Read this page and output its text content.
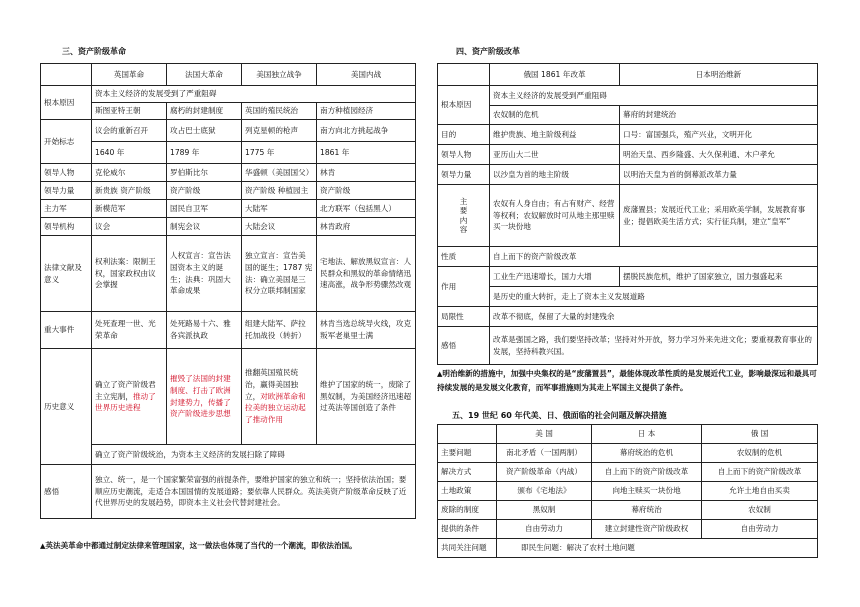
三、资产阶级革命
	英国革命	法国大革命	美国独立战争	美国内战
根本原因	资本主义经济的发展受到了严重阻碍			
	斯图亚特王朝	腐朽的封建制度	英国的殖民统治	南方种植园经济
开始标志	议会的重新召开	攻占巴士底狱	列克星顿的枪声	南方向北方挑起战争
	1640 年	1789 年	1775 年	1861 年
领导人物	克伦威尔	罗伯斯比尔	华盛顿（美国国父）	林肯
领导力量	新贵族 资产阶级	资产阶级	资产阶级 种植园主	资产阶级
主力军	新模范军	国民自卫军	大陆军	北方联军（包括黑人）
领导机构	议会	制宪会议	大陆会议	林肯政府
法律文献及意义	权利法案：限制王权，国家政权由议会掌握	人权宣言：宣告法国资本主义的诞生；法典：巩固大革命成果	独立宣言：宣告美国的诞生；1787 宪法：确立美国是三权分立联邦制国家	宅地法、解放黑奴宣言：人民群众和黑奴的革命情绪迅速高涨，战争形势骤然改观
重大事件	处死查理一世、光荣革命	处死路易十六、雅各宾派执政	组建大陆军、萨拉托加战役（转折）	林肯当选总统导火线，攻克叛军老巢里士满
历史意义	确立了资产阶级君主立宪制，推动了世界历史进程	摧毁了法国的封建制度、打击了欧洲封建势力，传播了资产阶级进步思想	推翻英国殖民统治，赢得美国独立，对欧洲革命和拉美的独立运动起了推动作用	维护了国家的统一，废除了黑奴制，为美国经济迅速超过英法等国创造了条件
	确立了资产阶级统治，为资本主义经济的发展扫除了障碍			
感悟	独立、统一，是一个国家繁荣富强的前提条件，要维护国家的独立和统一；坚持依法治国；要顺应历史潮流，走适合本国国情的发展道路；要依靠人民群众。英法美资产阶级革命反映了近代世界历史的发展趋势，即资本主义社会代替封建社会。			
▲英法美革命中都通过制定法律来管理国家，这一做法也体现了当代的一个潮流，即依法治国。
四、资产阶级改革
	俄国 1861 年改革	日本明治维新
根本原因	资本主义经济的发展受到严重阻碍	
	农奴制的危机	幕府的封建统治
目的	维护贵族、地主阶级利益	口号：富国强兵，殖产兴业，文明开化
领导人物	亚历山大二世	明治天皇、西乡隆盛、大久保利通、木户孝允
领导力量	以沙皇为首的地主阶级	以明治天皇为首的倒幕派改革力量

主要内容	农奴有人身自由；有占有财产、经营等权利；农奴解放时可从地主那里赎买一块份地	废藩置县；发展近代工业；采用欧美学制，发展教育事业；提倡欧美生活方式；实行征兵制，建立“皇军”
性质	自上而下的资产阶级改革	
作用	工业生产迅速增长，国力大增	摆脱民族危机，维护了国家独立，国力强盛起来
	是历史的重大转折，走上了资本主义发展道路	
局限性	改革不彻底，保留了大量的封建残余	
感悟	改革是强国之路，我们要坚持改革；坚持对外开放，努力学习外来先进文化；要重视教育事业的发展，坚持科教兴国。	
▲明治维新的措施中，加强中央集权的是“废藩置县”，最能体现改革性质的是发展近代工业，影响最深远和最具可持续发展的是发展文化教育，而军事措施则为其走上军国主义提供了条件。
五、19 世纪 60 年代美、日、俄面临的社会问题及解决措施
	美 国	日 本	俄 国
主要问题	南北矛盾（一国两制）	幕府统治的危机	农奴制的危机
解决方式	资产阶级革命（内战）	自上而下的资产阶级改革	自上而下的资产阶级改革
土地政策	颁布《宅地法》	向地主赎买一块份地	允许土地自由买卖
废除的制度	黑奴制	幕府统治	农奴制
提供的条件	自由劳动力	建立封建性资产阶级政权	自由劳动力
共同关注问题	即民生问题：解决了农村土地问题		
